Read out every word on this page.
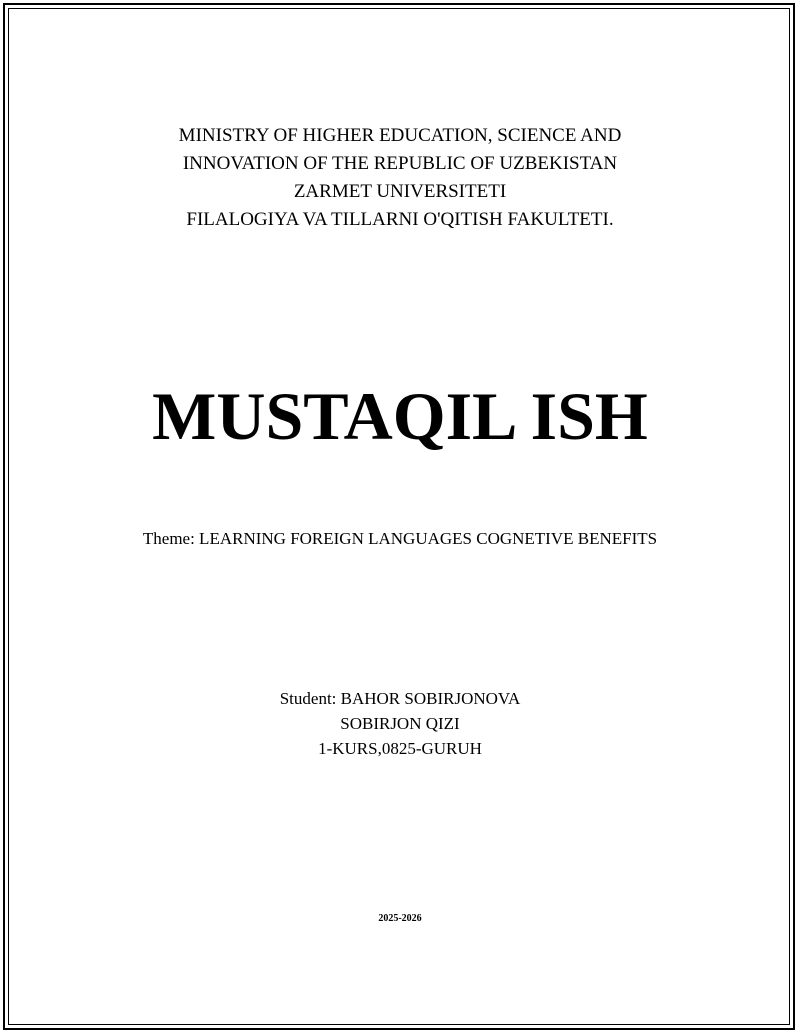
MINISTRY OF HIGHER EDUCATION, SCIENCE AND
INNOVATION OF THE REPUBLIC OF UZBEKISTAN
ZARMET UNIVERSITETI
FILALOGIYA VA TILLARNI O'QITISH FAKULTETI.
MUSTAQIL ISH
Theme: LEARNING FOREIGN LANGUAGES COGNETIVE BENEFITS
Student: BAHOR SOBIRJONOVA
SOBIRJON QIZI
1-KURS,0825-GURUH
2025-2026
